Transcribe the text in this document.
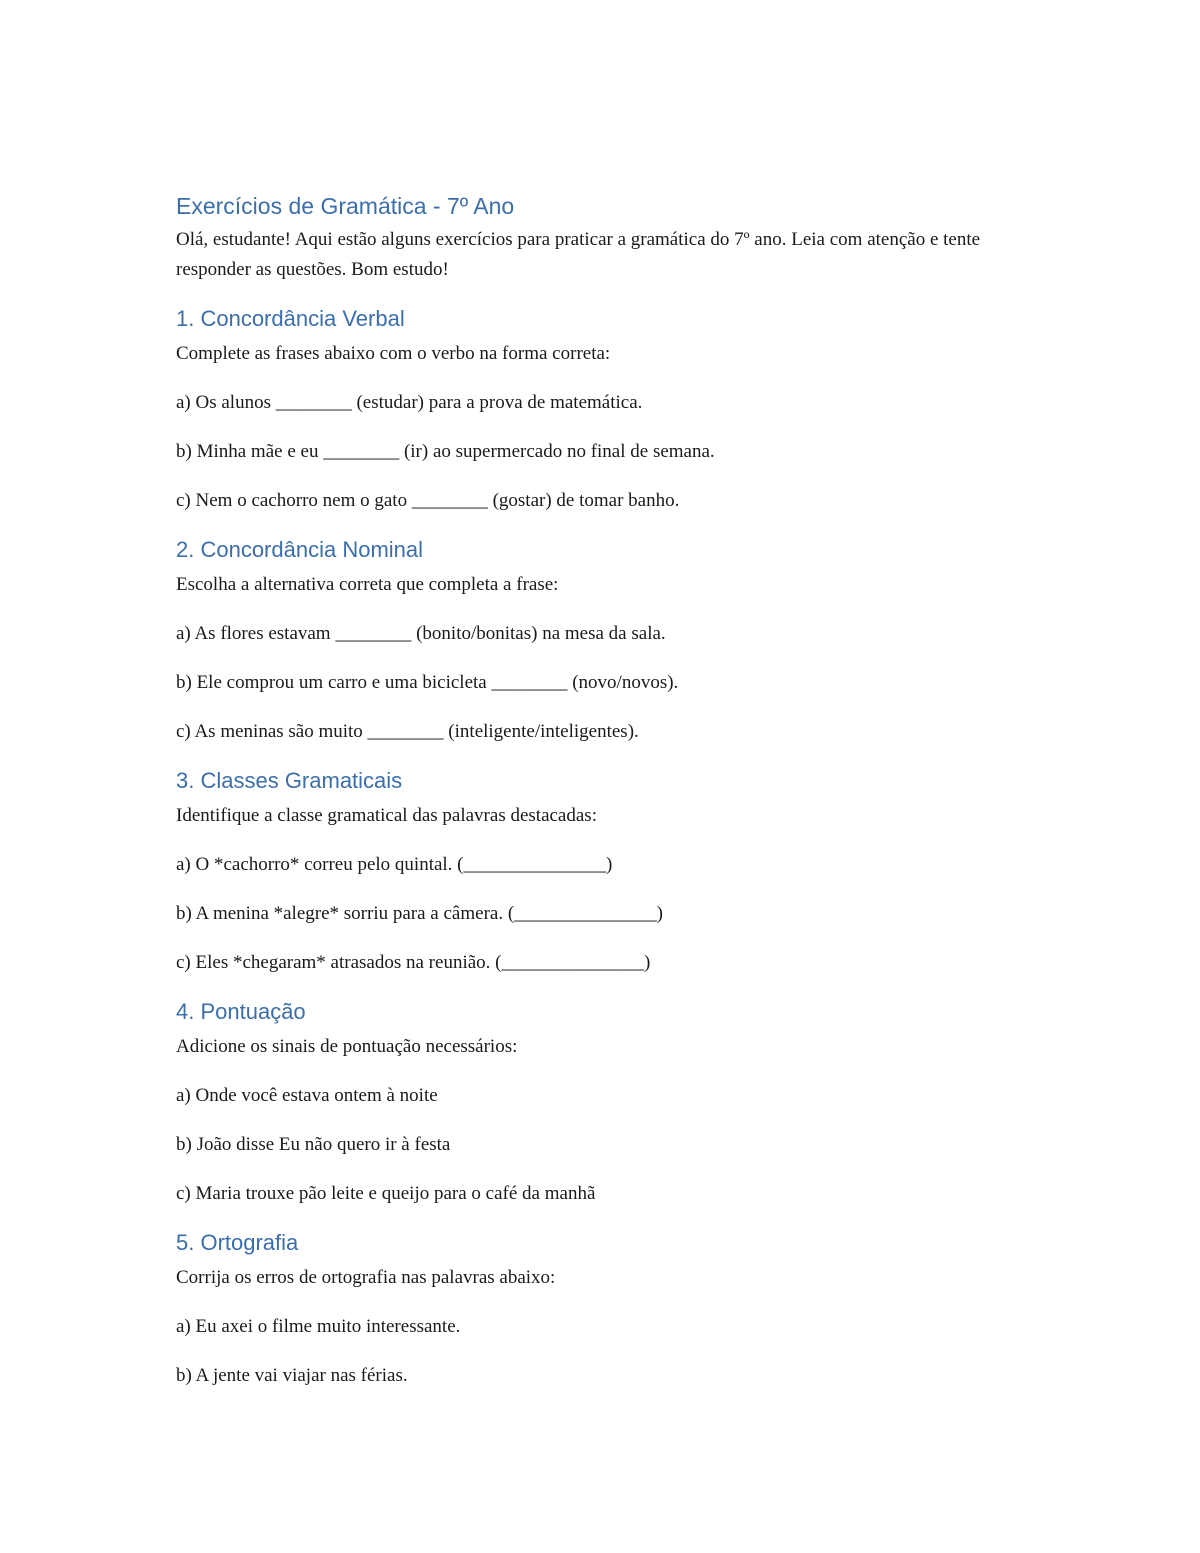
Exercícios de Gramática - 7º Ano

Olá, estudante! Aqui estão alguns exercícios para praticar a gramática do 7º ano. Leia com atenção e tente responder as questões. Bom estudo!

1. Concordância Verbal

Complete as frases abaixo com o verbo na forma correta:

a) Os alunos ________ (estudar) para a prova de matemática.

b) Minha mãe e eu ________ (ir) ao supermercado no final de semana.

c) Nem o cachorro nem o gato ________ (gostar) de tomar banho.

2. Concordância Nominal

Escolha a alternativa correta que completa a frase:

a) As flores estavam ________ (bonito/bonitas) na mesa da sala.

b) Ele comprou um carro e uma bicicleta ________ (novo/novos).

c) As meninas são muito ________ (inteligente/inteligentes).

3. Classes Gramaticais

Identifique a classe gramatical das palavras destacadas:

a) O *cachorro* correu pelo quintal. (_______________)

b) A menina *alegre* sorriu para a câmera. (_______________)

c) Eles *chegaram* atrasados na reunião. (_______________)

4. Pontuação

Adicione os sinais de pontuação necessários:

a) Onde você estava ontem à noite

b) João disse Eu não quero ir à festa

c) Maria trouxe pão leite e queijo para o café da manhã

5. Ortografia

Corrija os erros de ortografia nas palavras abaixo:

a) Eu axei o filme muito interessante.

b) A jente vai viajar nas férias.
